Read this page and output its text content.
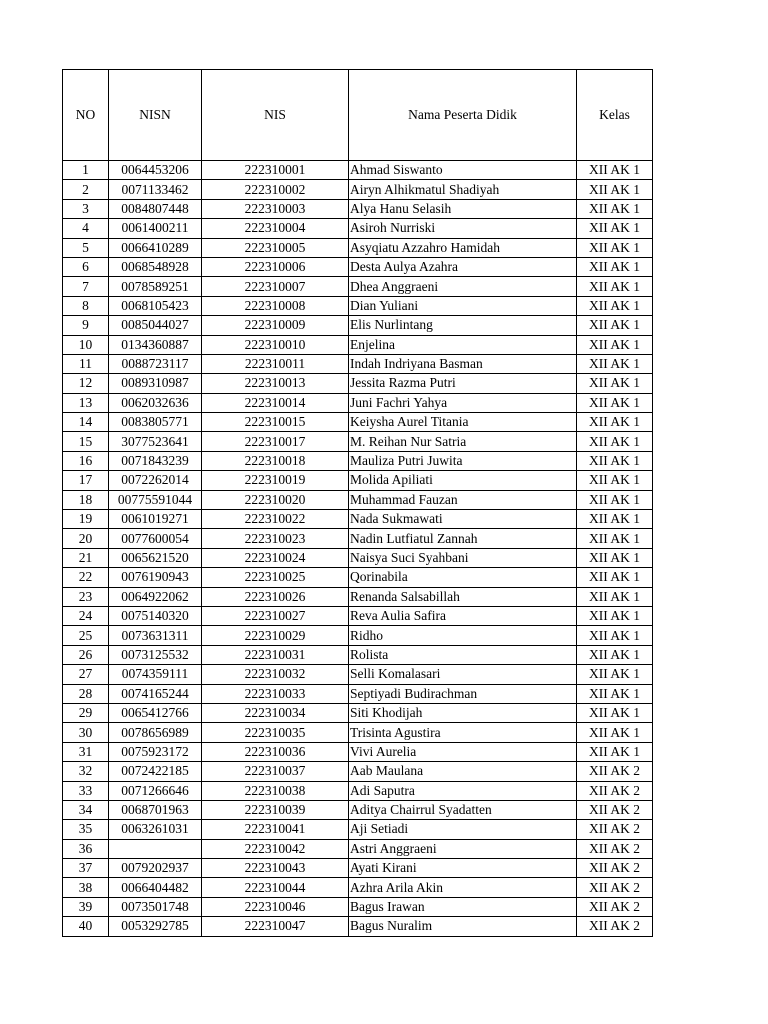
NO	NISN	NIS	Nama Peserta Didik	Kelas
1	0064453206	222310001	Ahmad Siswanto	XII AK 1
2	0071133462	222310002	Airyn Alhikmatul Shadiyah	XII AK 1
3	0084807448	222310003	Alya Hanu Selasih	XII AK 1
4	0061400211	222310004	Asiroh Nurriski	XII AK 1
5	0066410289	222310005	Asyqiatu Azzahro Hamidah	XII AK 1
6	0068548928	222310006	Desta Aulya Azahra	XII AK 1
7	0078589251	222310007	Dhea Anggraeni	XII AK 1
8	0068105423	222310008	Dian Yuliani	XII AK 1
9	0085044027	222310009	Elis Nurlintang	XII AK 1
10	0134360887	222310010	Enjelina	XII AK 1
11	0088723117	222310011	Indah Indriyana Basman	XII AK 1
12	0089310987	222310013	Jessita Razma Putri	XII AK 1
13	0062032636	222310014	Juni Fachri Yahya	XII AK 1
14	0083805771	222310015	Keiysha Aurel Titania	XII AK 1
15	3077523641	222310017	M. Reihan Nur Satria	XII AK 1
16	0071843239	222310018	Mauliza Putri Juwita	XII AK 1
17	0072262014	222310019	Molida Apiliati	XII AK 1
18	00775591044	222310020	Muhammad Fauzan	XII AK 1
19	0061019271	222310022	Nada Sukmawati	XII AK 1
20	0077600054	222310023	Nadin Lutfiatul Zannah	XII AK 1
21	0065621520	222310024	Naisya Suci Syahbani	XII AK 1
22	0076190943	222310025	Qorinabila	XII AK 1
23	0064922062	222310026	Renanda Salsabillah	XII AK 1
24	0075140320	222310027	Reva Aulia Safira	XII AK 1
25	0073631311	222310029	Ridho	XII AK 1
26	0073125532	222310031	Rolista	XII AK 1
27	0074359111	222310032	Selli Komalasari	XII AK 1
28	0074165244	222310033	Septiyadi Budirachman	XII AK 1
29	0065412766	222310034	Siti Khodijah	XII AK 1
30	0078656989	222310035	Trisinta Agustira	XII AK 1
31	0075923172	222310036	Vivi Aurelia	XII AK 1
32	0072422185	222310037	Aab Maulana	XII AK 2
33	0071266646	222310038	Adi Saputra	XII AK 2
34	0068701963	222310039	Aditya Chairrul Syadatten	XII AK 2
35	0063261031	222310041	Aji Setiadi	XII AK 2
36		222310042	Astri Anggraeni	XII AK 2
37	0079202937	222310043	Ayati Kirani	XII AK 2
38	0066404482	222310044	Azhra Arila Akin	XII AK 2
39	0073501748	222310046	Bagus Irawan	XII AK 2
40	0053292785	222310047	Bagus Nuralim	XII AK 2
